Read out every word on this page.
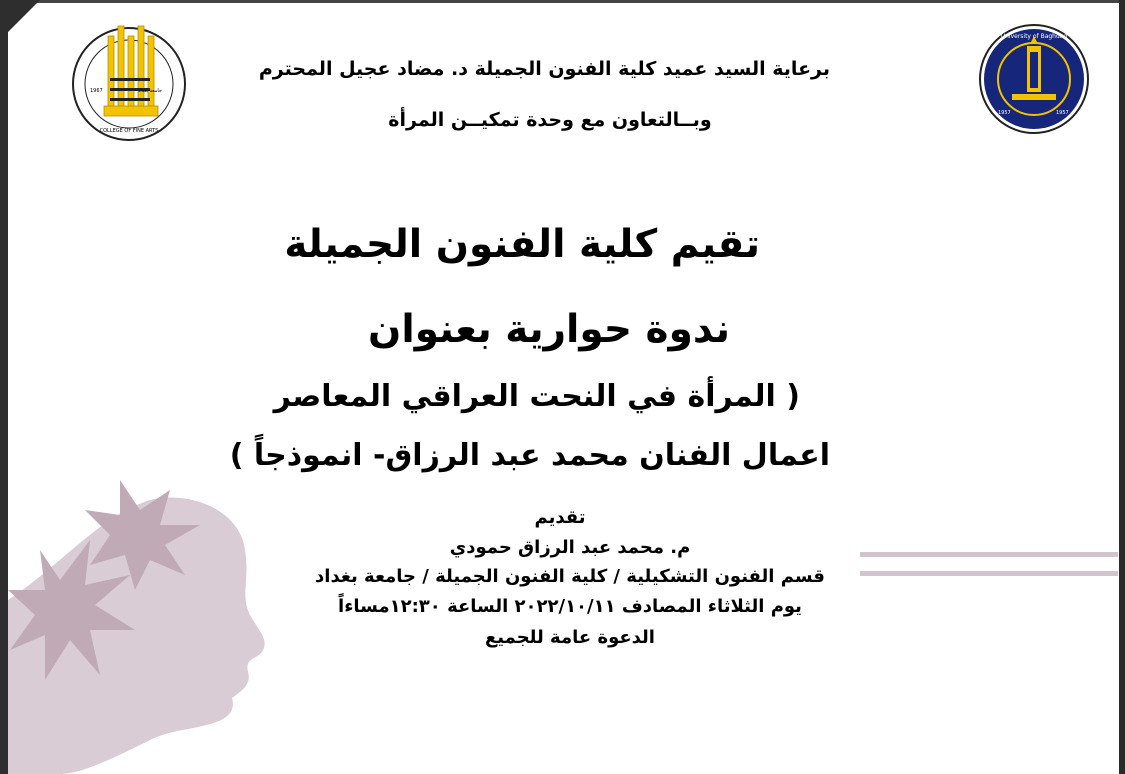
COLLEGE OF FINE ARTS
1967	جامعة بغداد
University of Baghdad
1957	1957
برعاية السيد عميد كلية الفنون الجميلة د. مضاد عجيل المحترم
وبــالتعاون مع وحدة تمكيــن المرأة
تقيم كلية الفنون الجميلة
ندوة حوارية بعنوان
( المرأة في النحت العراقي المعاصر
اعمال الفنان محمد عبد الرزاق- انموذجاً )
تقديم
م. محمد عبد الرزاق حمودي
قسم الفنون التشكيلية / كلية الفنون الجميلة / جامعة بغداد
يوم الثلاثاء المصادف ٢٠٢٢/١٠/١١ الساعة ١٢:٣٠مساءاً
الدعوة عامة للجميع
